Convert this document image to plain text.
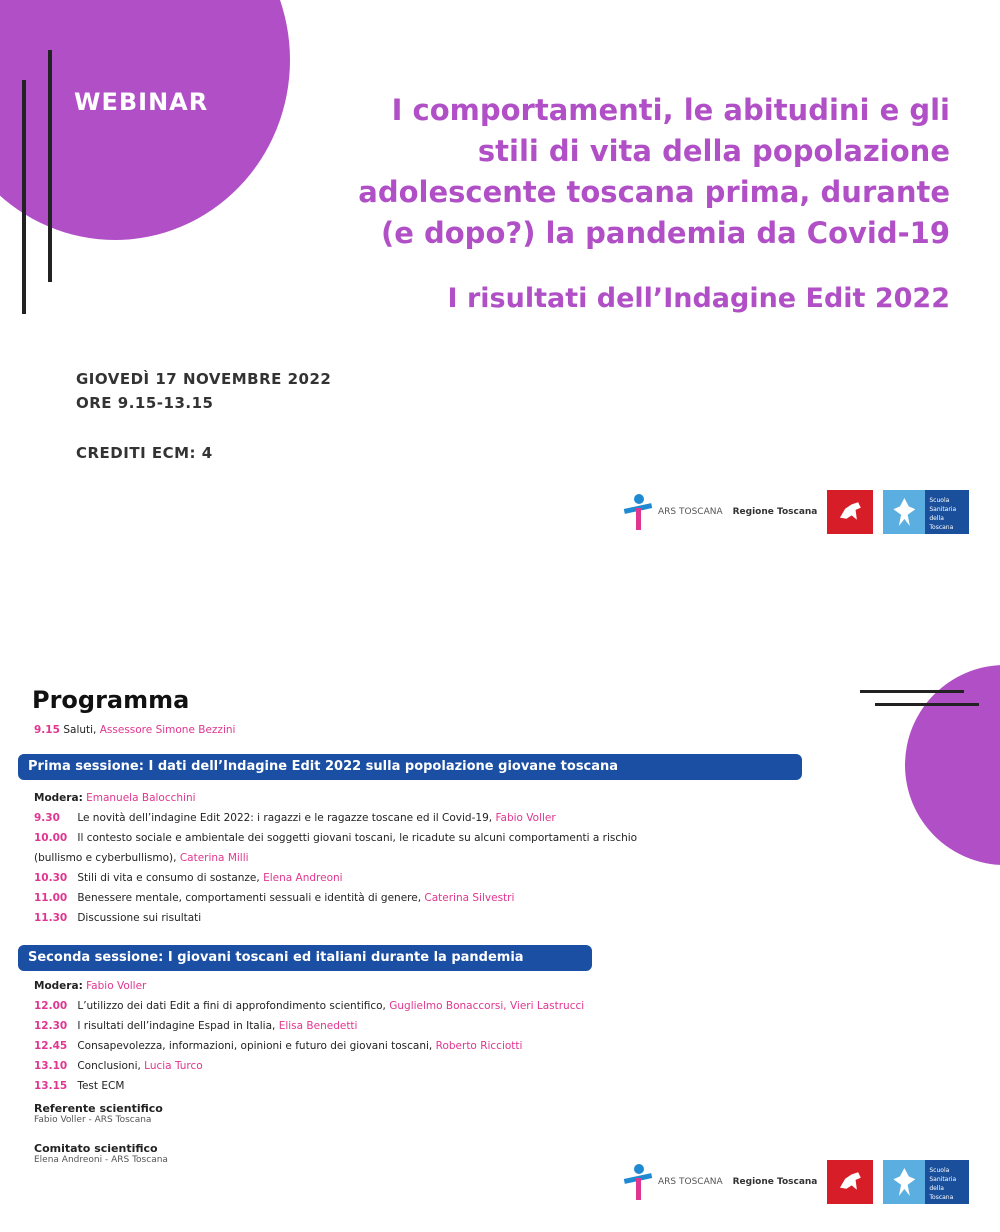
WEBINAR	I comportamenti, le abitudini e gli
stili di vita della popolazione
adolescente toscana prima, durante
(e dopo?) la pandemia da Covid-19
I risultati dell’Indagine Edit 2022
GIOVEDÌ 17 NOVEMBRE 2022
ORE 9.15-13.15
CREDITI ECM: 4
ARS TOSCANA Regione Toscana
Scuola Sanitaria della Toscana
Programma
9.15 Saluti, Assessore Simone Bezzini
Prima sessione: I dati dell’Indagine Edit 2022 sulla popolazione giovane toscana
Modera: Emanuela Balocchini
9.30 Le novità dell’indagine Edit 2022: i ragazzi e le ragazze toscane ed il Covid-19, Fabio Voller
10.00 Il contesto sociale e ambientale dei soggetti giovani toscani, le ricadute su alcuni comportamenti a rischio
(bullismo e cyberbullismo), Caterina Milli
10.30 Stili di vita e consumo di sostanze, Elena Andreoni
11.00 Benessere mentale, comportamenti sessuali e identità di genere, Caterina Silvestri
11.30 Discussione sui risultati
Seconda sessione: I giovani toscani ed italiani durante la pandemia
Modera: Fabio Voller
12.00 L’utilizzo dei dati Edit a fini di approfondimento scientifico, Guglielmo Bonaccorsi, Vieri Lastrucci
12.30 I risultati dell’indagine Espad in Italia, Elisa Benedetti
12.45 Consapevolezza, informazioni, opinioni e futuro dei giovani toscani, Roberto Ricciotti
13.10 Conclusioni, Lucia Turco
13.15 Test ECM
Referente scientifico
Fabio Voller - ARS Toscana
Comitato scientifico
Elena Andreoni - ARS Toscana
ARS TOSCANA Regione Toscana
Scuola Sanitaria della Toscana
